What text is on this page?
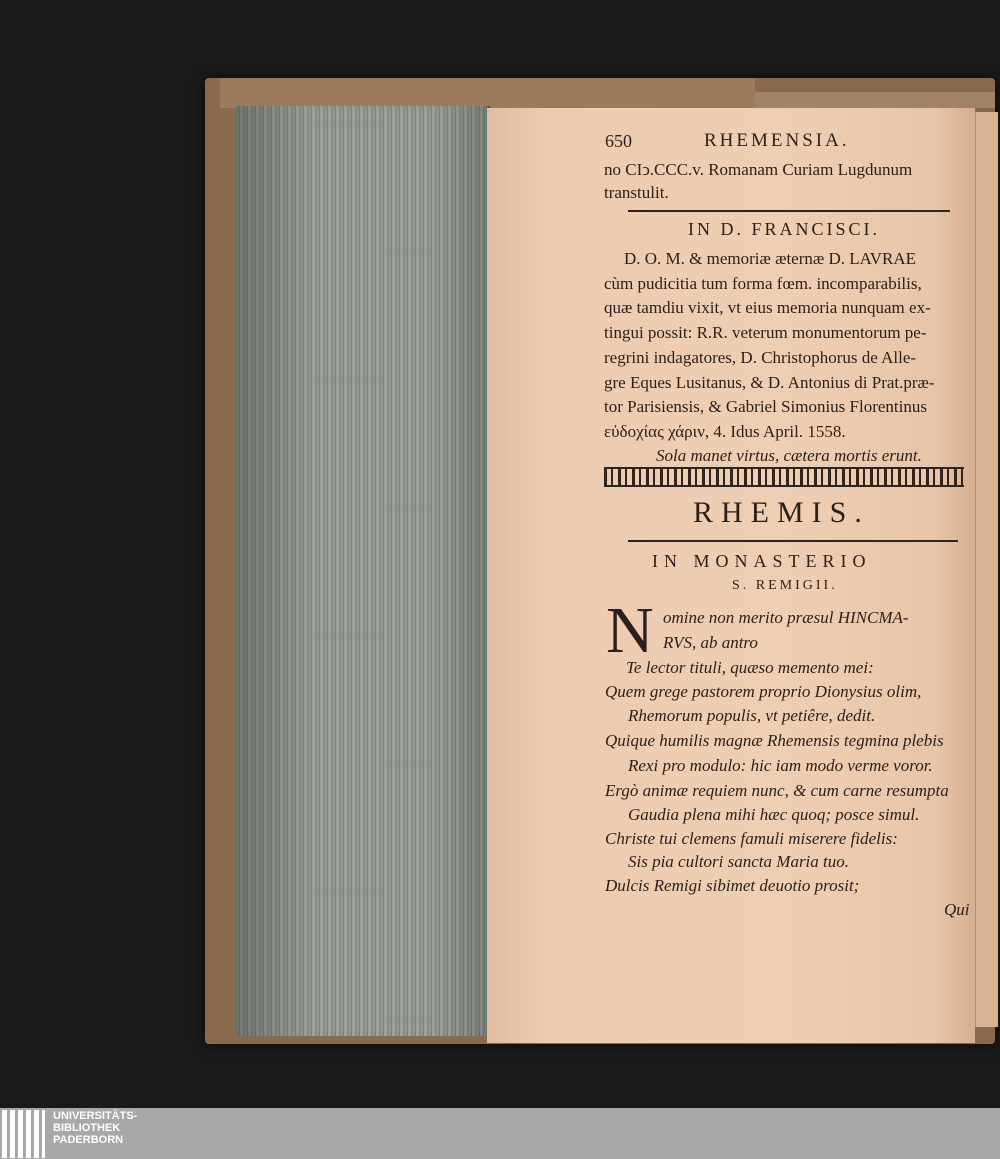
650	RHEMENSIA.
no CIↄ.CCC.v. Romanam Curiam Lugdunum
transtulit.
IN D. FRANCISCI.
D. O. M. & memoriæ æternæ D. LAVRAE
cùm pudicitia tum forma fœm. incomparabilis,
quæ tamdiu vixit, vt eius memoria nunquam ex-
tingui possit: R.R. veterum monumentorum pe-
regrini indagatores, D. Christophorus de Alle-
gre Eques Lusitanus, & D. Antonius di Prat.præ-
tor Parisiensis, & Gabriel Simonius Florentinus
εὐδοχίας χάριν, 4. Idus April. 1558.
Sola manet virtus, cætera mortis erunt.
RHEMIS.
IN MONASTERIO
S. REMIGII.
N omine non merito præsul HINCMA-
RVS, ab antro
Te lector tituli, quæso memento mei:
Quem grege pastorem proprio Dionysius olim,
Rhemorum populis, vt petiêre, dedit.
Quique humilis magnæ Rhemensis tegmina plebis
Rexi pro modulo: hic iam modo verme voror.
Ergò animæ requiem nunc, & cum carne resumpta
Gaudia plena mihi hæc quoq; posce simul.
Christe tui clemens famuli miserere fidelis:
Sis pia cultori sancta Maria tuo.
Dulcis Remigi sibimet deuotio prosit;
Qui
UNIVERSITÄTS-
BIBLIOTHEK
PADERBORN
